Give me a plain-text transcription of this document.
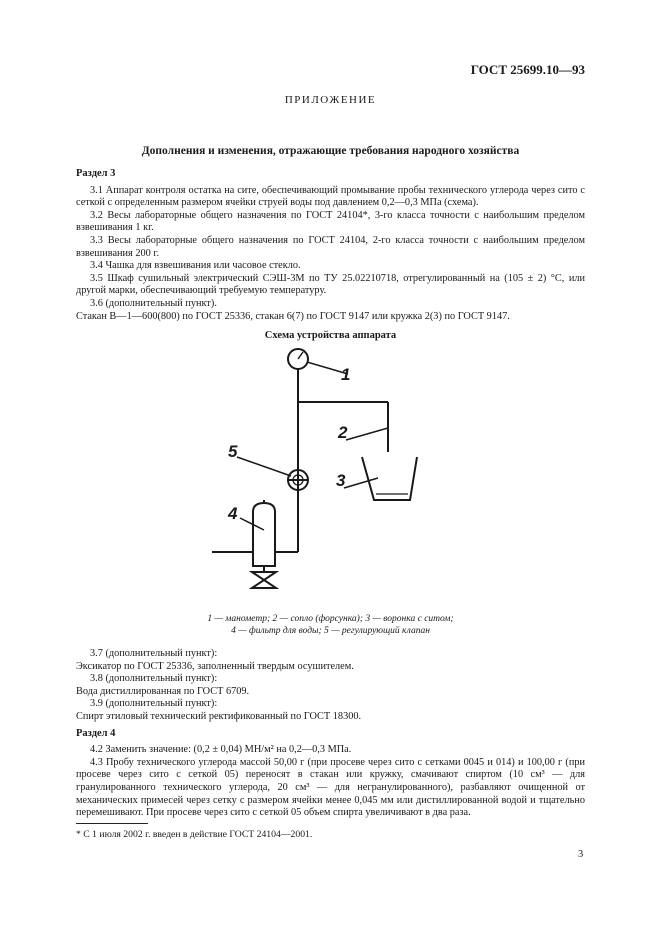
ГОСТ 25699.10—93
ПРИЛОЖЕНИЕ
Дополнения и изменения, отражающие требования народного хозяйства

Раздел 3

3.1 Аппарат контроля остатка на сите, обеспечивающий промывание пробы технического углерода через сито с сеткой с определенным размером ячейки струей воды под давлением 0,2—0,3 МПа (схема).

3.2 Весы лабораторные общего назначения по ГОСТ 24104*, 3-го класса точности с наибольшим пределом взвешивания 1 кг.

3.3 Весы лабораторные общего назначения по ГОСТ 24104, 2-го класса точности с наибольшим пределом взвешивания 200 г.

3.4 Чашка для взвешивания или часовое стекло.

3.5 Шкаф сушильный электрический СЭШ-3М по ТУ 25.02210718, отрегулированный на (105 ± 2) °С, или другой марки, обеспечивающий требуемую температуру.

3.6 (дополнительный пункт).

Стакан В—1—600(800) по ГОСТ 25336, стакан 6(7) по ГОСТ 9147 или кружка 2(3) по ГОСТ 9147.

Схема устройства аппарата
1
2
3
4
5
1 — манометр; 2 — сопло (форсунка); 3 — воронка с ситом;
4 — фильтр для воды; 5 — регулирующий клапан

3.7 (дополнительный пункт):

Эксикатор по ГОСТ 25336, заполненный твердым осушителем.

3.8 (дополнительный пункт):

Вода дистиллированная по ГОСТ 6709.

3.9 (дополнительный пункт):

Спирт этиловый технический ректификованный по ГОСТ 18300.

Раздел 4

4.2 Заменить значение: (0,2 ± 0,04) МН/м² на 0,2—0,3 МПа.

4.3 Пробу технического углерода массой 50,00 г (при просеве через сито с сетками 0045 и 014) и 100,00 г (при просеве через сито с сеткой 05) переносят в стакан или кружку, смачивают спиртом (10 см³ — для гранулированного технического углерода, 20 см³ — для негранулированного), разбавляют очищенной от механических примесей через сетку с размером ячейки менее 0,045 мм или дистиллированной водой и тщательно перемешивают. При просеве через сито с сеткой 05 объем спирта увеличивают в два раза.

* С 1 июля 2002 г. введен в действие ГОСТ 24104—2001.
3
